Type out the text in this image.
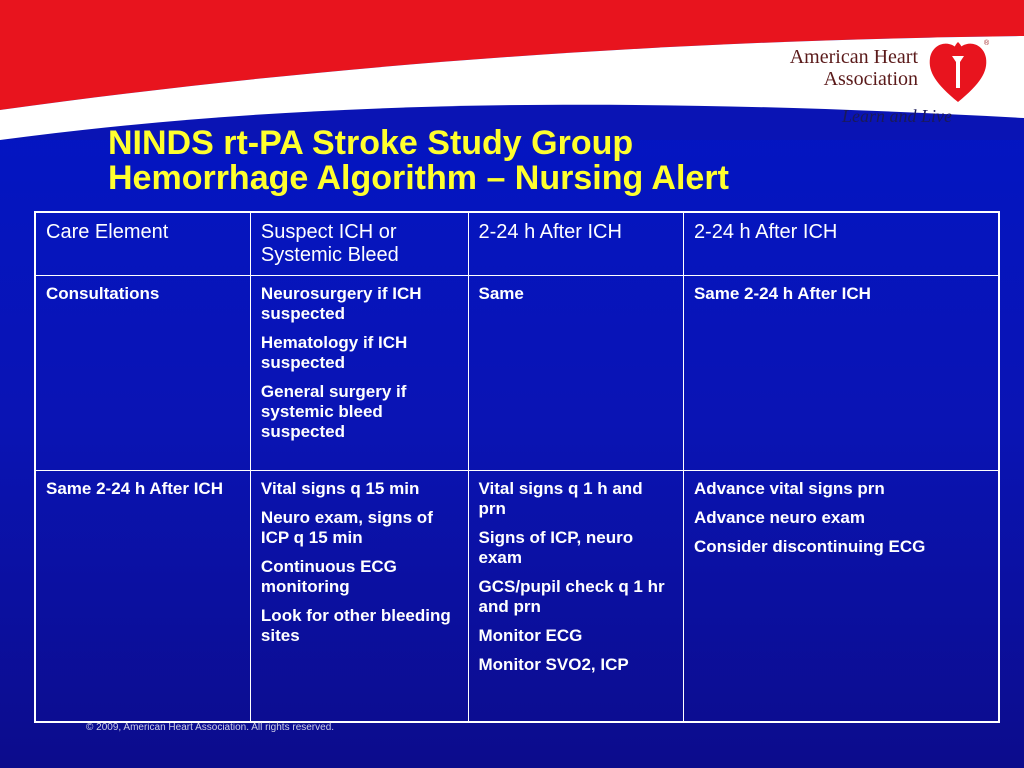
American Heart
Association
®
Learn and Live
NINDS rt-PA Stroke Study Group
Hemorrhage Algorithm – Nursing Alert
Care Element	Suspect ICH or Systemic Bleed	2-24 h After ICH	2-24 h After ICH

Consultations	Neurosurgery if ICH suspected
Hematology if ICH suspected
General surgery if systemic bleed suspected	Same	Same 2-24 h After ICH

Same 2-24 h After ICH	Vital signs q 15 min
Neuro exam, signs of ICP q 15 min
Continuous ECG monitoring
Look for other bleeding sites	Vital signs q 1 h and prn
Signs of ICP, neuro exam
GCS/pupil check q 1 hr and prn
Monitor ECG
Monitor SVO2, ICP	Advance vital signs prn
Advance neuro exam
Consider discontinuing ECG
© 2009, American Heart Association. All rights reserved.
